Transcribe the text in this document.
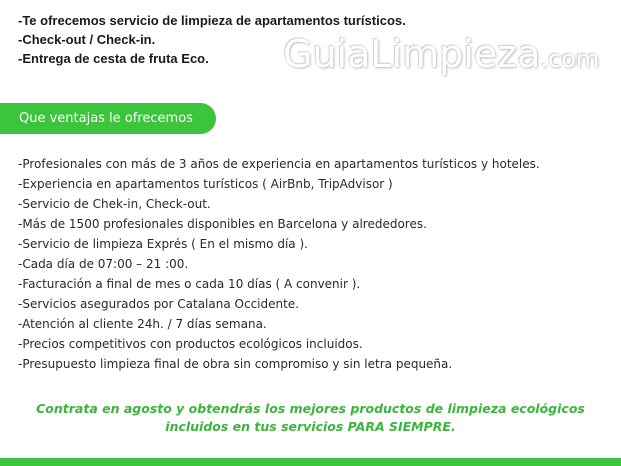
-Te ofrecemos servicio de limpieza de apartamentos turísticos.
-Check-out / Check-in.
-Entrega de cesta de fruta Eco.	GuiaLimpieza.com
Que ventajas le ofrecemos
-Profesionales con más de 3 años de experiencia en apartamentos turísticos y hoteles.
-Experiencia en apartamentos turísticos ( AirBnb, TripAdvisor )
-Servicio de Chek-in, Check-out.
-Más de 1500 profesionales disponibles en Barcelona y alrededores.
-Servicio de limpieza Exprés ( En el mismo día ).
-Cada día de 07:00 – 21 :00.
-Facturación a final de mes o cada 10 días ( A convenir ).
-Servicios asegurados por Catalana Occidente.
-Atención al cliente 24h. / 7 días semana.
-Precios competitivos con productos ecológicos incluidos.
-Presupuesto limpieza final de obra sin compromiso y sin letra pequeña.
Contrata en agosto y obtendrás los mejores productos de limpieza ecológicos
incluidos en tus servicios PARA SIEMPRE.
